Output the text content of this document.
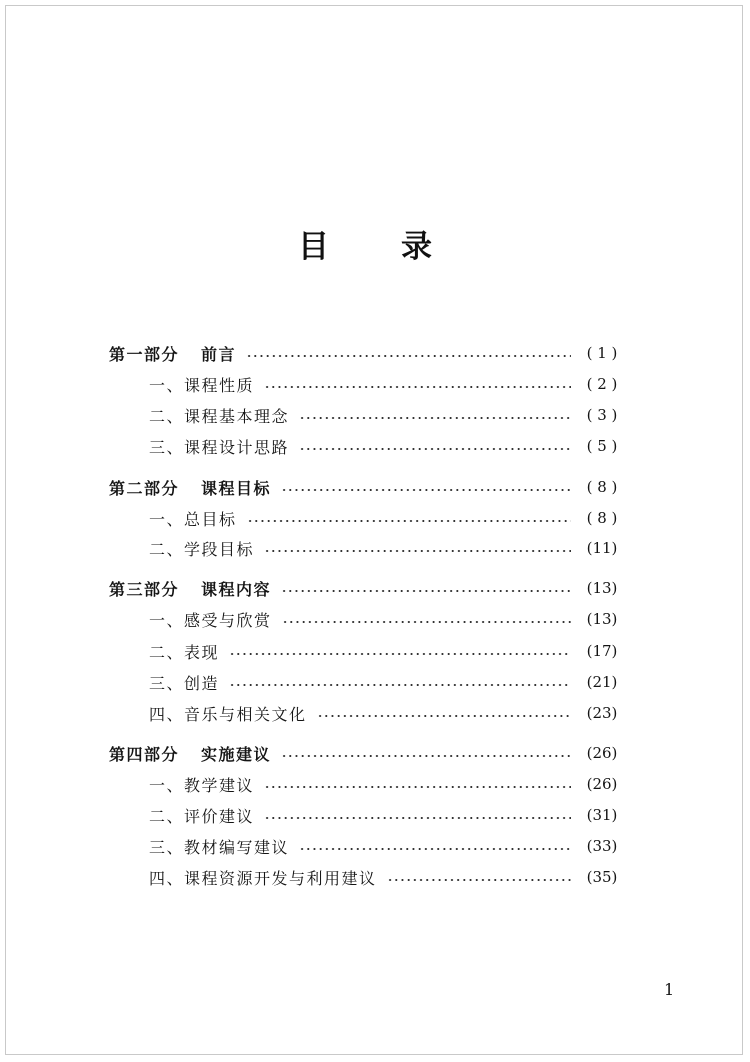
目 录
第一部分 前言	( 1 )
一、课程性质	( 2 )
二、课程基本理念	( 3 )
三、课程设计思路	( 5 )
第二部分 课程目标	( 8 )
一、总目标	( 8 )
二、学段目标	(11)
第三部分 课程内容	(13)
一、感受与欣赏	(13)
二、表现	(17)
三、创造	(21)
四、音乐与相关文化	(23)
第四部分 实施建议	(26)
一、教学建议	(26)
二、评价建议	(31)
三、教材编写建议	(33)
四、课程资源开发与利用建议	(35)
1
